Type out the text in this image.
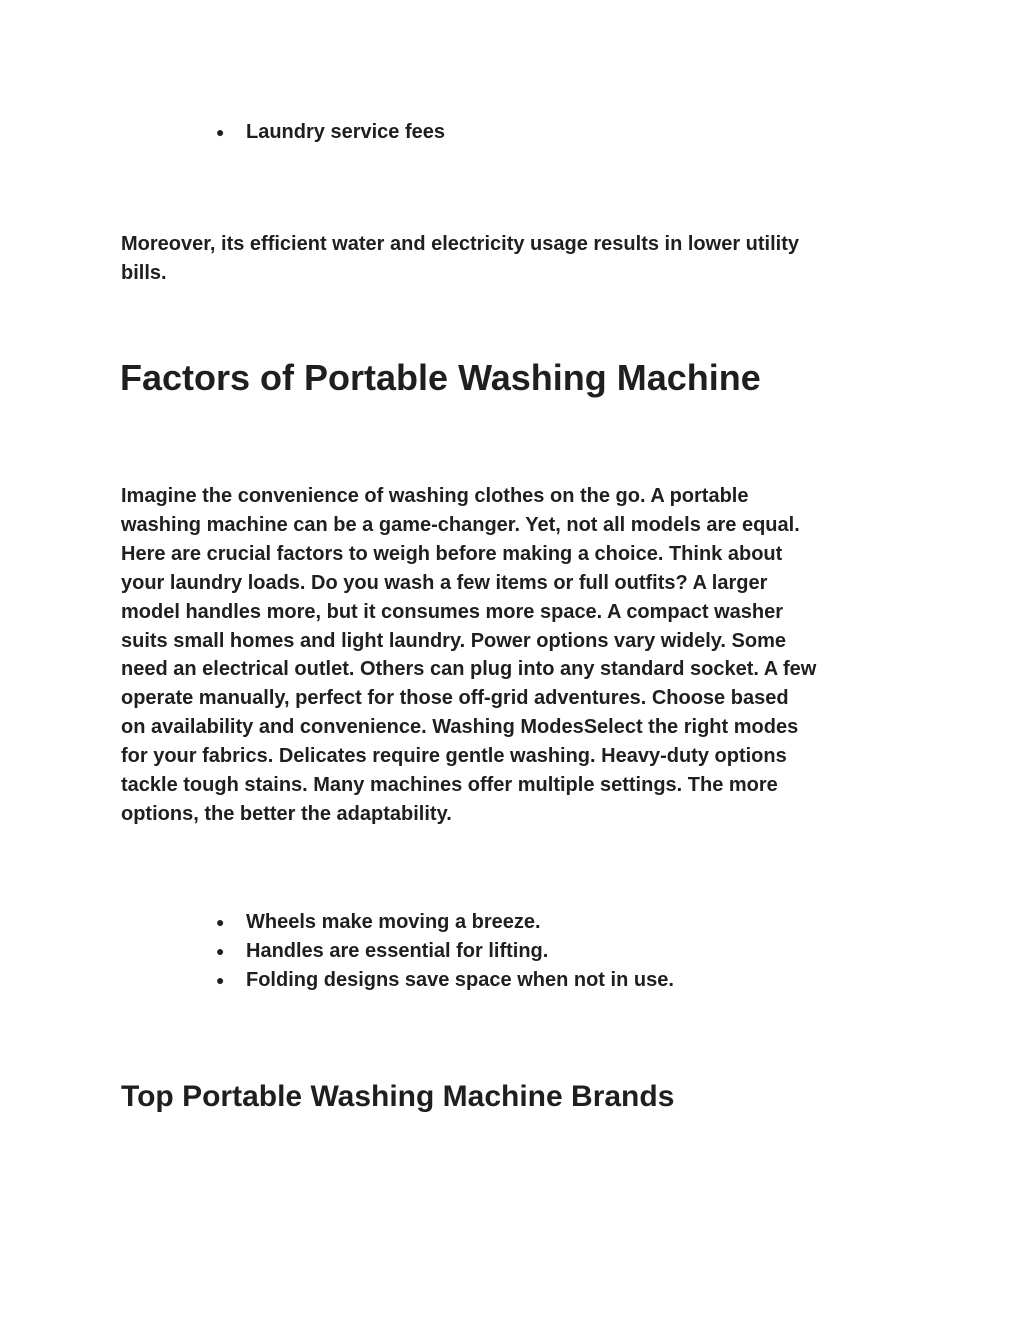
● Laundry service fees

Moreover, its efficient water and electricity usage results in lower utility
bills.

Factors of Portable Washing Machine

Imagine the convenience of washing clothes on the go. A portable
washing machine can be a game-changer. Yet, not all models are equal.
Here are crucial factors to weigh before making a choice. Think about
your laundry loads. Do you wash a few items or full outfits? A larger
model handles more, but it consumes more space. A compact washer
suits small homes and light laundry. Power options vary widely. Some
need an electrical outlet. Others can plug into any standard socket. A few
operate manually, perfect for those off-grid adventures. Choose based
on availability and convenience. Washing ModesSelect the right modes
for your fabrics. Delicates require gentle washing. Heavy-duty options
tackle tough stains. Many machines offer multiple settings. The more
options, the better the adaptability.

● Wheels make moving a breeze.
● Handles are essential for lifting.
● Folding designs save space when not in use.
Top Portable Washing Machine Brands
